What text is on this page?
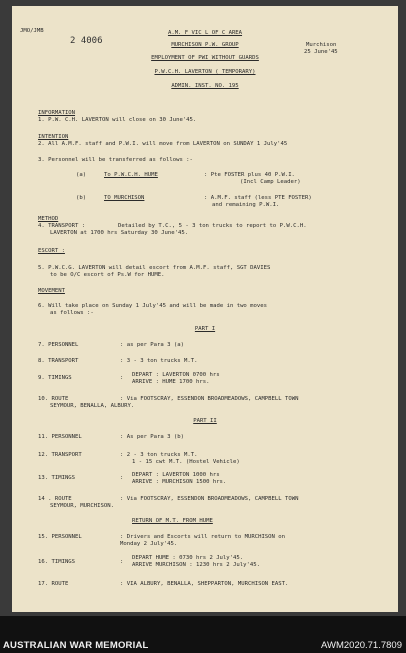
JMO/JMB
2 4006
A.M. F VIC L OF C AREA
MURCHISON P.W. GROUP	Murchison
25 June'45
EMPLOYMENT OF PWI WITHOUT GUARDS
P.W.C.H. LAVERTON ( TEMPORARY)
ADMIN. INST. NO. 195
INFORMATION
1. P.W. C.H. LAVERTON will close on 30 June'45.
INTENTION
2. All A.M.F. staff and P.W.I. will move from LAVERTON on SUNDAY 1 July'45
3. Personnel will be transferred as follows :-
(a)	To P.W.C.H. HUME	: Pte FOSTER plus 40 P.W.I.
(Incl Camp Leader)
(b)	TO MURCHISON	: A.M.F. staff (less PTE FOSTER)
and remaining P.W.I.
METHOD
4. TRANSPORT :	Detailed by T.C., 5 - 3 ton trucks to report to P.W.C.H.
LAVERTON at 1700 hrs Saturday 30 June'45.
ESCORT :
5. P.W.C.G. LAVERTON will detail escort from A.M.F. staff, SGT DAVIES
to be O/C escort of Ps.W for HUME.
MOVEMENT
6. Will take place on Sunday 1 July'45 and will be made in two moves
as follows :-
PART I
7. PERSONNEL	: as per Para 3 (a)
8. TRANSPORT	: 3 - 3 ton trucks M.T.
9. TIMINGS	: DEPART : LAVERTON 0700 hrs
ARRIVE : HUME 1700 hrs.
10. ROUTE	: Via FOOTSCRAY, ESSENDON BROADMEADOWS, CAMPBELL TOWN
SEYMOUR, BENALLA, ALBURY.
PART II
11. PERSONNEL	: As per Para 3 (b)
12. TRANSPORT	: 2 - 3 ton trucks M.T.
1 - 15 cwt M.T. (Hostel Vehicle)
13. TIMINGS	: DEPART : LAVERTON 1000 hrs
ARRIVE : MURCHISON 1500 hrs.
14 . ROUTE	: Via FOOTSCRAY, ESSENDON BROADMEADOWS, CAMPBELL TOWN
SEYMOUR, MURCHISON.
RETURN OF M.T. FROM HUME
15. PERSONNEL	: Drivers and Escorts will return to MURCHISON on
Monday 2 July'45.
16. TIMINGS	:
DEPART HUME : 0730 hrs 2 July'45.
ARRIVE MURCHISON : 1230 hrs 2 July'45.
17. ROUTE	: VIA ALBURY, BENALLA, SHEPPARTON, MURCHISON EAST.
AUSTRALIAN WAR MEMORIAL	AWM2020.71.7809
